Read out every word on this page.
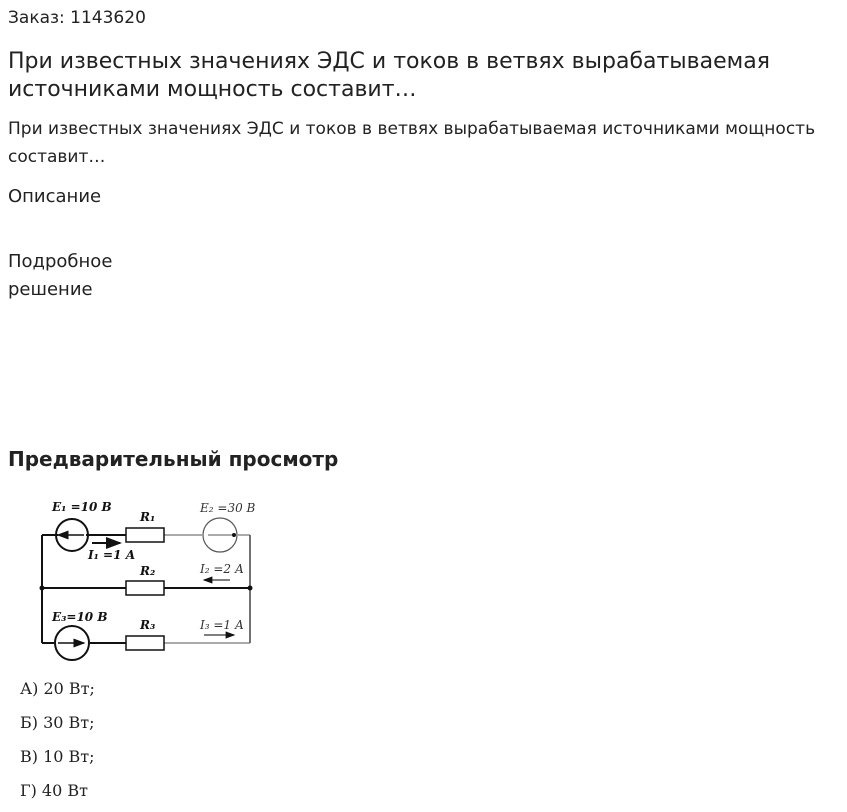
Заказ: 1143620
При известных значениях ЭДС и токов в ветвях вырабатываемая источниками мощность составит…
При известных значениях ЭДС и токов в ветвях вырабатываемая источниками мощность составит…
Описание
Подробное решение
Предварительный просмотр
E₁ =10 В
R₁
E₂ =30 В
I₁ =1 А
R₂	I₂ =2 А
E₃=10 В
R₃	I₃ =1 А
А) 20 Вт;
Б) 30 Вт;
В) 10 Вт;
Г) 40 Вт
